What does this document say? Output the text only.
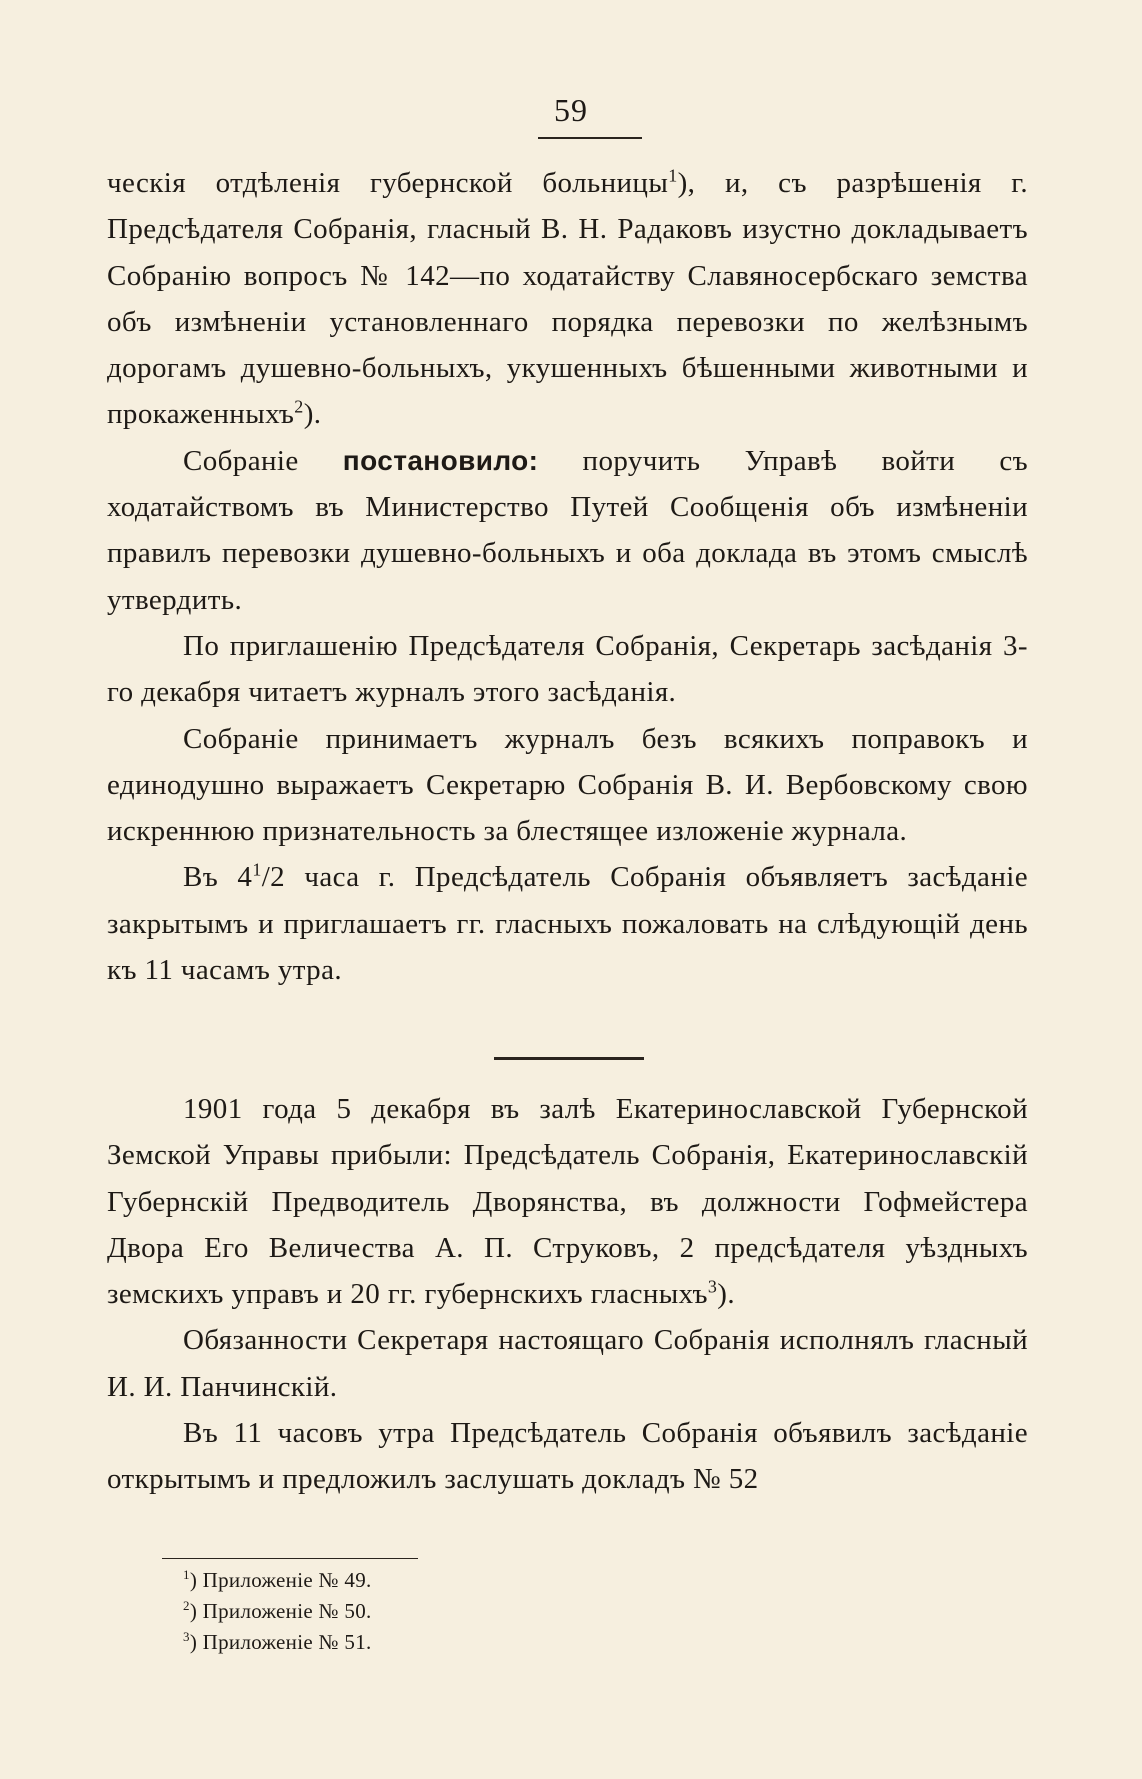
59

ческія отдѣленія губернской больницы$^1$), и, съ разрѣшенія г. Предсѣдателя Собранія, гласный В. Н. Радаковъ изустно докладываетъ Собранію вопросъ № 142—по ходатайству Славяносербскаго земства объ измѣненіи установленнаго порядка перевозки по желѣзнымъ дорогамъ душевно-больныхъ, укушенныхъ бѣшенными животными и прокаженныхъ$^2$).

Собраніе постановило: поручить Управѣ войти съ ходатайствомъ въ Министерство Путей Сообщенія объ измѣненіи правилъ перевозки душевно-больныхъ и оба доклада въ этомъ смыслѣ утвердить.

По приглашенію Предсѣдателя Собранія, Секретарь засѣданія 3-го декабря читаетъ журналъ этого засѣданія.

Собраніе принимаетъ журналъ безъ всякихъ поправокъ и единодушно выражаетъ Секретарю Собранія В. И. Вербовскому свою искреннюю признательность за блестящее изложеніе журнала.

Въ $4^1/2$ часа г. Предсѣдатель Собранія объявляетъ засѣданіе закрытымъ и приглашаетъ гг. гласныхъ пожаловать на слѣдующій день къ 11 часамъ утра.

1901 года 5 декабря въ залѣ Екатеринославской Губернской Земской Управы прибыли: Предсѣдатель Собранія, Екатеринославскій Губернскій Предводитель Дворянства, въ должности Гофмейстера Двора Его Величества А. П. Струковъ, 2 предсѣдателя уѣздныхъ земскихъ управъ и 20 гг. губернскихъ гласныхъ$^3$).

Обязанности Секретаря настоящаго Собранія исполнялъ гласный И. И. Панчинскій.

Въ 11 часовъ утра Предсѣдатель Собранія объявилъ засѣданіе открытымъ и предложилъ заслушать докладъ № 52

$^1$) Приложеніе № 49.
$^2$) Приложеніе № 50.
$^3$) Приложеніе № 51.
